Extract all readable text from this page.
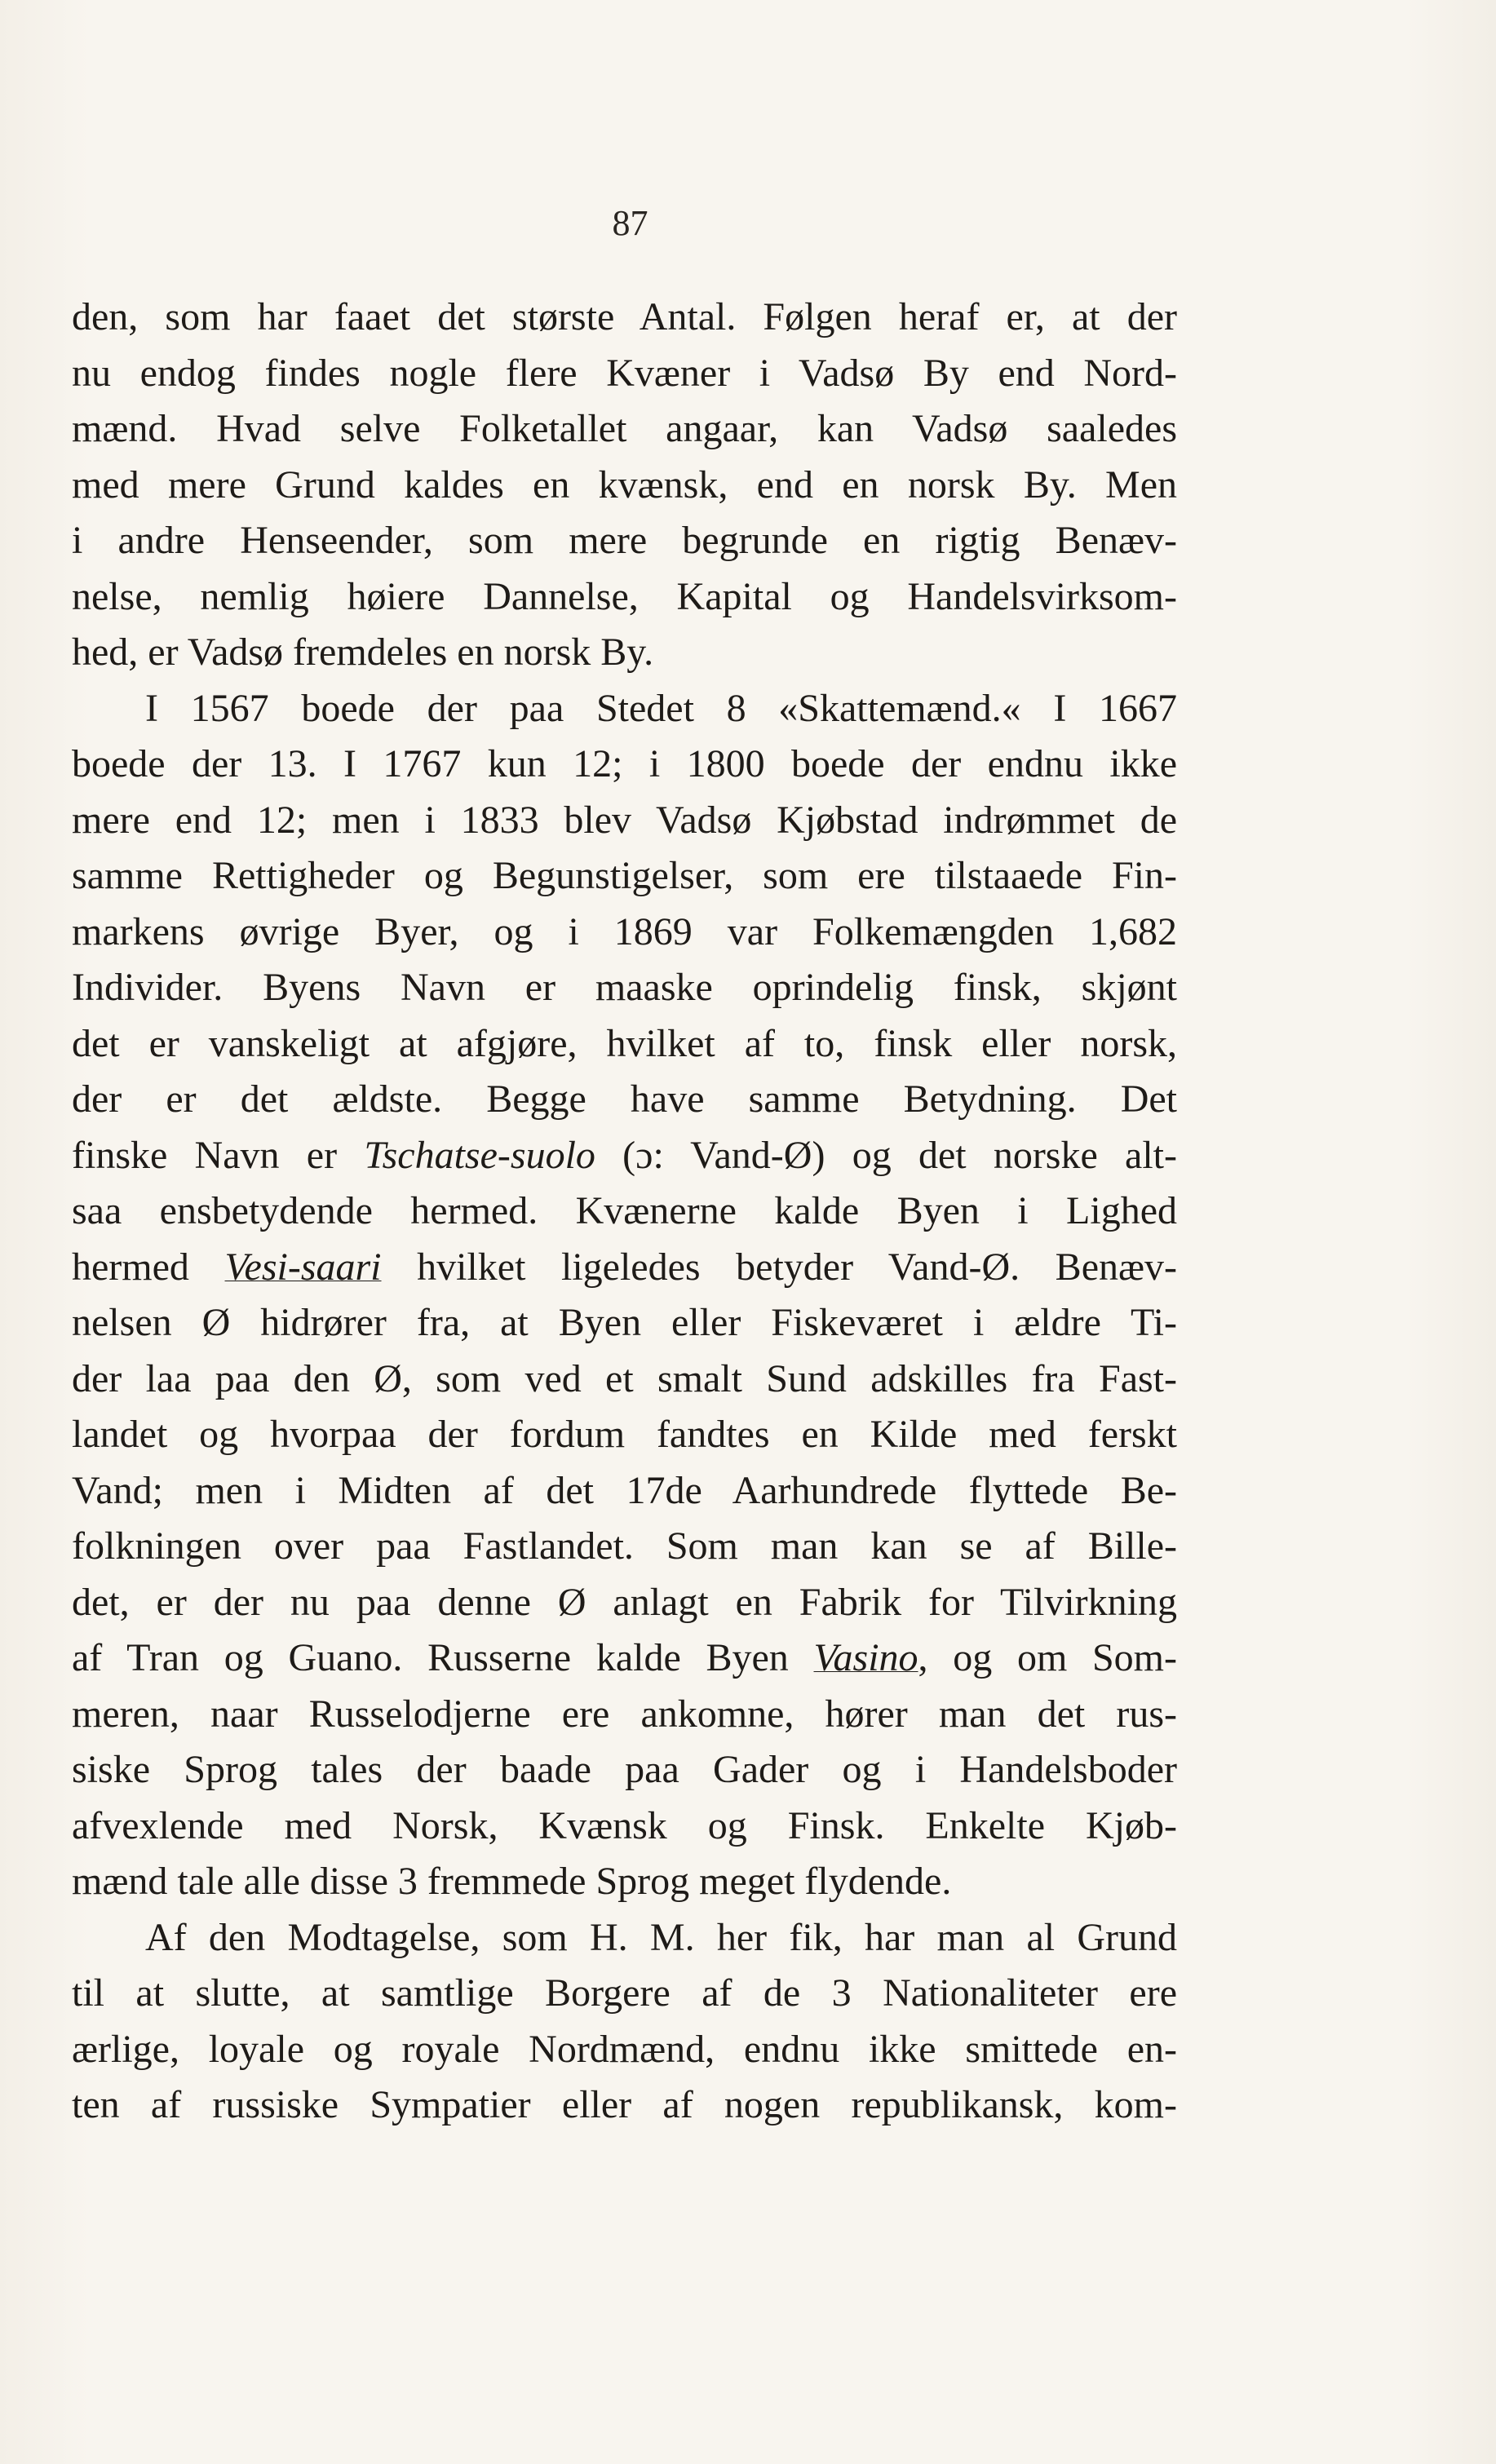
87
den, som har faaet det største Antal. Følgen heraf er, at der
nu endog findes nogle flere Kvæner i Vadsø By end Nord-
mænd. Hvad selve Folketallet angaar, kan Vadsø saaledes
med mere Grund kaldes en kvænsk, end en norsk By. Men
i andre Henseender, som mere begrunde en rigtig Benæv-
nelse, nemlig høiere Dannelse, Kapital og Handelsvirksom-
hed, er Vadsø fremdeles en norsk By.
I 1567 boede der paa Stedet 8 «Skattemænd.« I 1667
boede der 13. I 1767 kun 12; i 1800 boede der endnu ikke
mere end 12; men i 1833 blev Vadsø Kjøbstad indrømmet de
samme Rettigheder og Begunstigelser, som ere tilstaaede Fin-
markens øvrige Byer, og i 1869 var Folkemængden 1,682
Individer. Byens Navn er maaske oprindelig finsk, skjønt
det er vanskeligt at afgjøre, hvilket af to, finsk eller norsk,
der er det ældste. Begge have samme Betydning. Det
finske Navn er Tschatse-suolo (ɔ: Vand-Ø) og det norske alt-
saa ensbetydende hermed. Kvænerne kalde Byen i Lighed
hermed Vesi-saari hvilket ligeledes betyder Vand-Ø. Benæv-
nelsen Ø hidrører fra, at Byen eller Fiskeværet i ældre Ti-
der laa paa den Ø, som ved et smalt Sund adskilles fra Fast-
landet og hvorpaa der fordum fandtes en Kilde med ferskt
Vand; men i Midten af det 17de Aarhundrede flyttede Be-
folkningen over paa Fastlandet. Som man kan se af Bille-
det, er der nu paa denne Ø anlagt en Fabrik for Tilvirkning
af Tran og Guano. Russerne kalde Byen Vasino, og om Som-
meren, naar Russelodjerne ere ankomne, hører man det rus-
siske Sprog tales der baade paa Gader og i Handelsboder
afvexlende med Norsk, Kvænsk og Finsk. Enkelte Kjøb-
mænd tale alle disse 3 fremmede Sprog meget flydende.
Af den Modtagelse, som H. M. her fik, har man al Grund
til at slutte, at samtlige Borgere af de 3 Nationaliteter ere
ærlige, loyale og royale Nordmænd, endnu ikke smittede en-
ten af russiske Sympatier eller af nogen republikansk, kom-
